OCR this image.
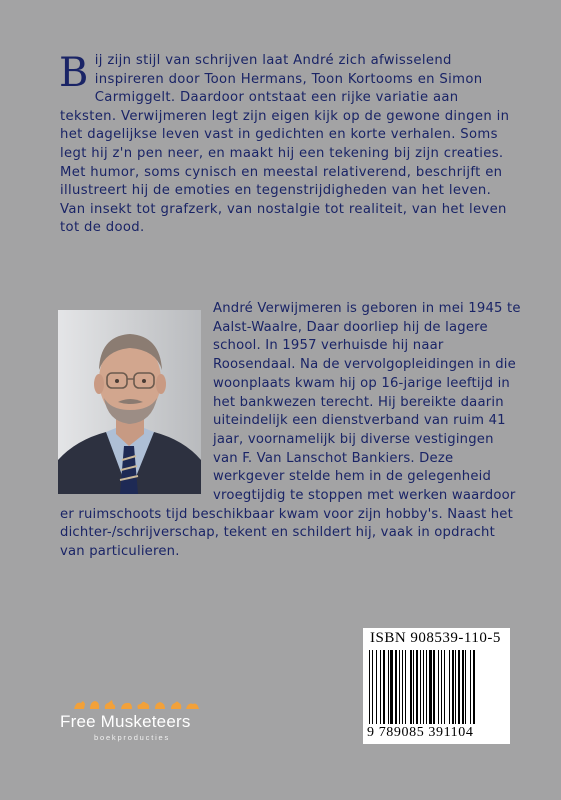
Bij zijn stijl van schrijven laat André zich afwisselend inspireren door Toon Hermans, Toon Kortooms en Simon Carmiggelt. Daardoor ontstaat een rijke variatie aan teksten. Verwijmeren legt zijn eigen kijk op de gewone dingen in het dagelijkse leven vast in gedichten en korte verhalen. Soms legt hij z'n pen neer, en maakt hij een tekening bij zijn creaties. Met humor, soms cynisch en meestal relativerend, beschrijft en illustreert hij de emoties en tegenstrijdigheden van het leven. Van insekt tot grafzerk, van nostalgie tot realiteit, van het leven tot de dood.

André Verwijmeren is geboren in mei 1945 te Aalst-Waalre, Daar doorliep hij de lagere school. In 1957 verhuisde hij naar Roosendaal. Na de vervolgopleidingen in die woonplaats kwam hij op 16-jarige leeftijd in het bankwezen terecht. Hij bereikte daarin uiteindelijk een dienstverband van ruim 41 jaar, voornamelijk bij diverse vestigingen van F. Van Lanschot Bankiers. Deze werkgever stelde hem in de gelegenheid vroegtijdig te stoppen met werken waardoor er ruimschoots tijd beschikbaar kwam voor zijn hobby's. Naast het dichter-/schrijverschap, tekent en schildert hij, vaak in opdracht van particulieren.

ISBN 908539-110-5
9 789085 391104
Free Musketeers
boekproducties
